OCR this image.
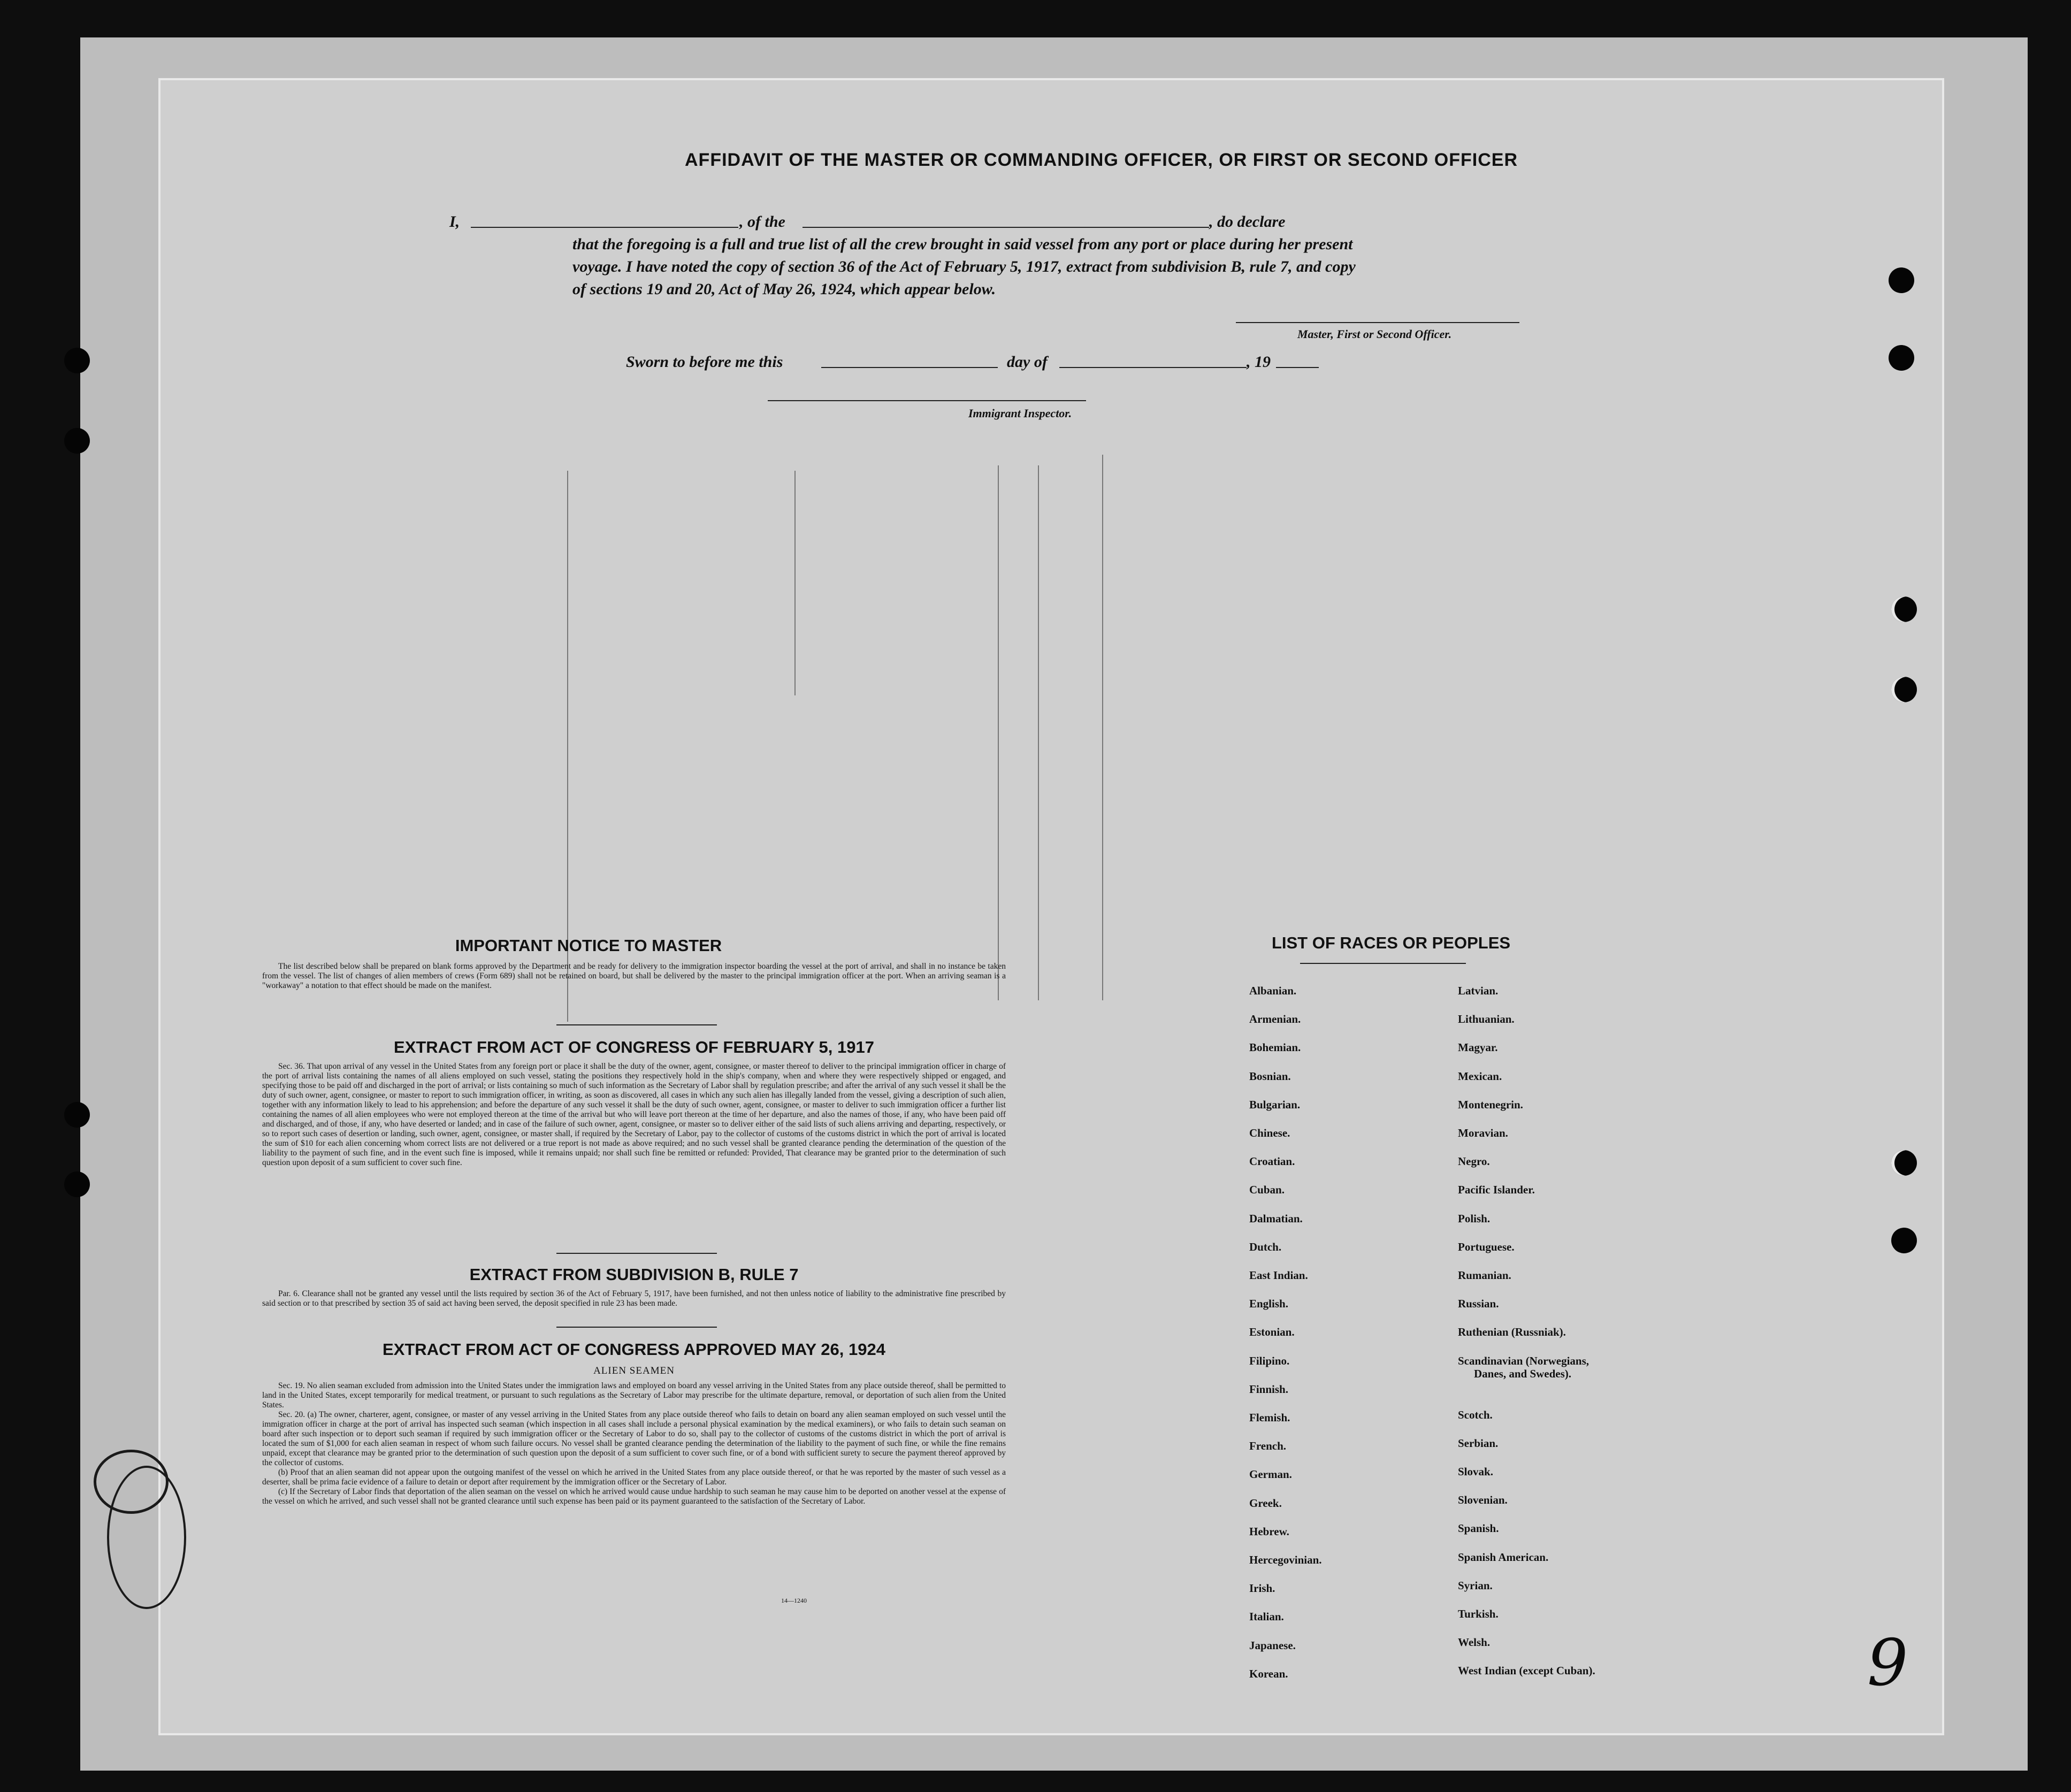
AFFIDAVIT OF THE MASTER OR COMMANDING OFFICER, OR FIRST OR SECOND OFFICER
I,	, of the	, do declare
that the foregoing is a full and true list of all the crew brought in said vessel from any port or place during her present
voyage. I have noted the copy of section 36 of the Act of February 5, 1917, extract from subdivision B, rule 7, and copy
of sections 19 and 20, Act of May 26, 1924, which appear below.
Master, First or Second Officer.
Sworn to before me this	day of	, 19
Immigrant Inspector.
IMPORTANT NOTICE TO MASTER

The list described below shall be prepared on blank forms approved by the Department and be ready for delivery to the immigration inspector boarding the vessel at the port of arrival, and shall in no instance be taken from the vessel. The list of changes of alien members of crews (Form 689) shall not be retained on board, but shall be delivered by the master to the principal immigration officer at the port. When an arriving seaman is a "workaway" a notation to that effect should be made on the manifest.

EXTRACT FROM ACT OF CONGRESS OF FEBRUARY 5, 1917

Sec. 36. That upon arrival of any vessel in the United States from any foreign port or place it shall be the duty of the owner, agent, consignee, or master thereof to deliver to the principal immigration officer in charge of the port of arrival lists containing the names of all aliens employed on such vessel, stating the positions they respectively hold in the ship's company, when and where they were respectively shipped or engaged, and specifying those to be paid off and discharged in the port of arrival; or lists containing so much of such information as the Secretary of Labor shall by regulation prescribe; and after the arrival of any such vessel it shall be the duty of such owner, agent, consignee, or master to report to such immigration officer, in writing, as soon as discovered, all cases in which any such alien has illegally landed from the vessel, giving a description of such alien, together with any information likely to lead to his apprehension; and before the departure of any such vessel it shall be the duty of such owner, agent, consignee, or master to deliver to such immigration officer a further list containing the names of all alien employees who were not employed thereon at the time of the arrival but who will leave port thereon at the time of her departure, and also the names of those, if any, who have been paid off and discharged, and of those, if any, who have deserted or landed; and in case of the failure of such owner, agent, consignee, or master so to deliver either of the said lists of such aliens arriving and departing, respectively, or so to report such cases of desertion or landing, such owner, agent, consignee, or master shall, if required by the Secretary of Labor, pay to the collector of customs of the customs district in which the port of arrival is located the sum of $10 for each alien concerning whom correct lists are not delivered or a true report is not made as above required; and no such vessel shall be granted clearance pending the determination of the question of the liability to the payment of such fine, and in the event such fine is imposed, while it remains unpaid; nor shall such fine be remitted or refunded: Provided, That clearance may be granted prior to the determination of such question upon deposit of a sum sufficient to cover such fine.

EXTRACT FROM SUBDIVISION B, RULE 7

Par. 6. Clearance shall not be granted any vessel until the lists required by section 36 of the Act of February 5, 1917, have been furnished, and not then unless notice of liability to the administrative fine prescribed by said section or to that prescribed by section 35 of said act having been served, the deposit specified in rule 23 has been made.

EXTRACT FROM ACT OF CONGRESS APPROVED MAY 26, 1924
ALIEN SEAMEN

Sec. 19. No alien seaman excluded from admission into the United States under the immigration laws and employed on board any vessel arriving in the United States from any place outside thereof, shall be permitted to land in the United States, except temporarily for medical treatment, or pursuant to such regulations as the Secretary of Labor may prescribe for the ultimate departure, removal, or deportation of such alien from the United States.

Sec. 20. (a) The owner, charterer, agent, consignee, or master of any vessel arriving in the United States from any place outside thereof who fails to detain on board any alien seaman employed on such vessel until the immigration officer in charge at the port of arrival has inspected such seaman (which inspection in all cases shall include a personal physical examination by the medical examiners), or who fails to detain such seaman on board after such inspection or to deport such seaman if required by such immigration officer or the Secretary of Labor to do so, shall pay to the collector of customs of the customs district in which the port of arrival is located the sum of $1,000 for each alien seaman in respect of whom such failure occurs. No vessel shall be granted clearance pending the determination of the liability to the payment of such fine, or while the fine remains unpaid, except that clearance may be granted prior to the determination of such question upon the deposit of a sum sufficient to cover such fine, or of a bond with sufficient surety to secure the payment thereof approved by the collector of customs.

(b) Proof that an alien seaman did not appear upon the outgoing manifest of the vessel on which he arrived in the United States from any place outside thereof, or that he was reported by the master of such vessel as a deserter, shall be prima facie evidence of a failure to detain or deport after requirement by the immigration officer or the Secretary of Labor.

(c) If the Secretary of Labor finds that deportation of the alien seaman on the vessel on which he arrived would cause undue hardship to such seaman he may cause him to be deported on another vessel at the expense of the vessel on which he arrived, and such vessel shall not be granted clearance until such expense has been paid or its payment guaranteed to the satisfaction of the Secretary of Labor.

14—1240
LIST OF RACES OR PEOPLES
Albanian.
Armenian.
Bohemian.
Bosnian.
Bulgarian.
Chinese.
Croatian.
Cuban.
Dalmatian.
Dutch.
East Indian.
English.
Estonian.
Filipino.
Finnish.
Flemish.
French.
German.
Greek.
Hebrew.
Hercegovinian.
Irish.
Italian.
Japanese.
Korean.
Latvian.
Lithuanian.
Magyar.
Mexican.
Montenegrin.
Moravian.
Negro.
Pacific Islander.
Polish.
Portuguese.
Rumanian.
Russian.
Ruthenian (Russniak).
Scandinavian (Norwegians,
Danes, and Swedes).
Scotch.
Serbian.
Slovak.
Slovenian.
Spanish.
Spanish American.
Syrian.
Turkish.
Welsh.
West Indian (except Cuban).	9
